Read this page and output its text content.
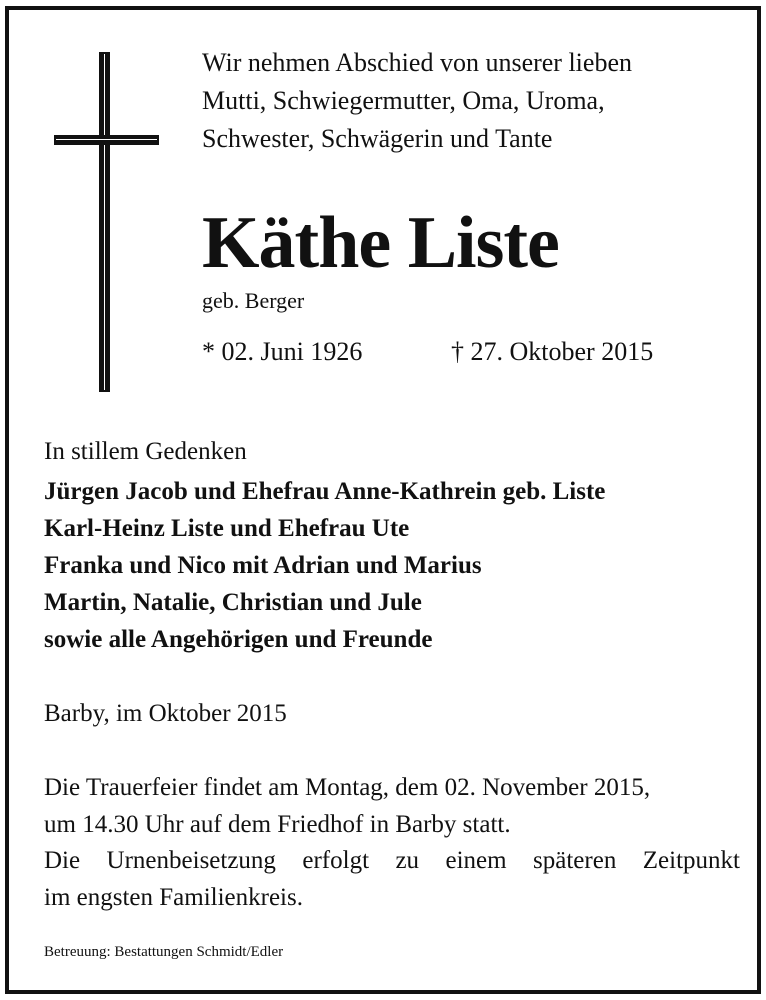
Wir nehmen Abschied von unserer lieben
Mutti, Schwiegermutter, Oma, Uroma,
Schwester, Schwägerin und Tante
Käthe Liste
geb. Berger
* 02. Juni 1926	† 27. Oktober 2015
In stillem Gedenken
Jürgen Jacob und Ehefrau Anne-Kathrein geb. Liste
Karl-Heinz Liste und Ehefrau Ute
Franka und Nico mit Adrian und Marius
Martin, Natalie, Christian und Jule
sowie alle Angehörigen und Freunde
Barby, im Oktober 2015
Die Trauerfeier findet am Montag, dem 02. November 2015,
um 14.30 Uhr auf dem Friedhof in Barby statt.
Die Urnenbeisetzung erfolgt zu einem späteren Zeitpunkt
im engsten Familienkreis.
Betreuung: Bestattungen Schmidt/Edler
